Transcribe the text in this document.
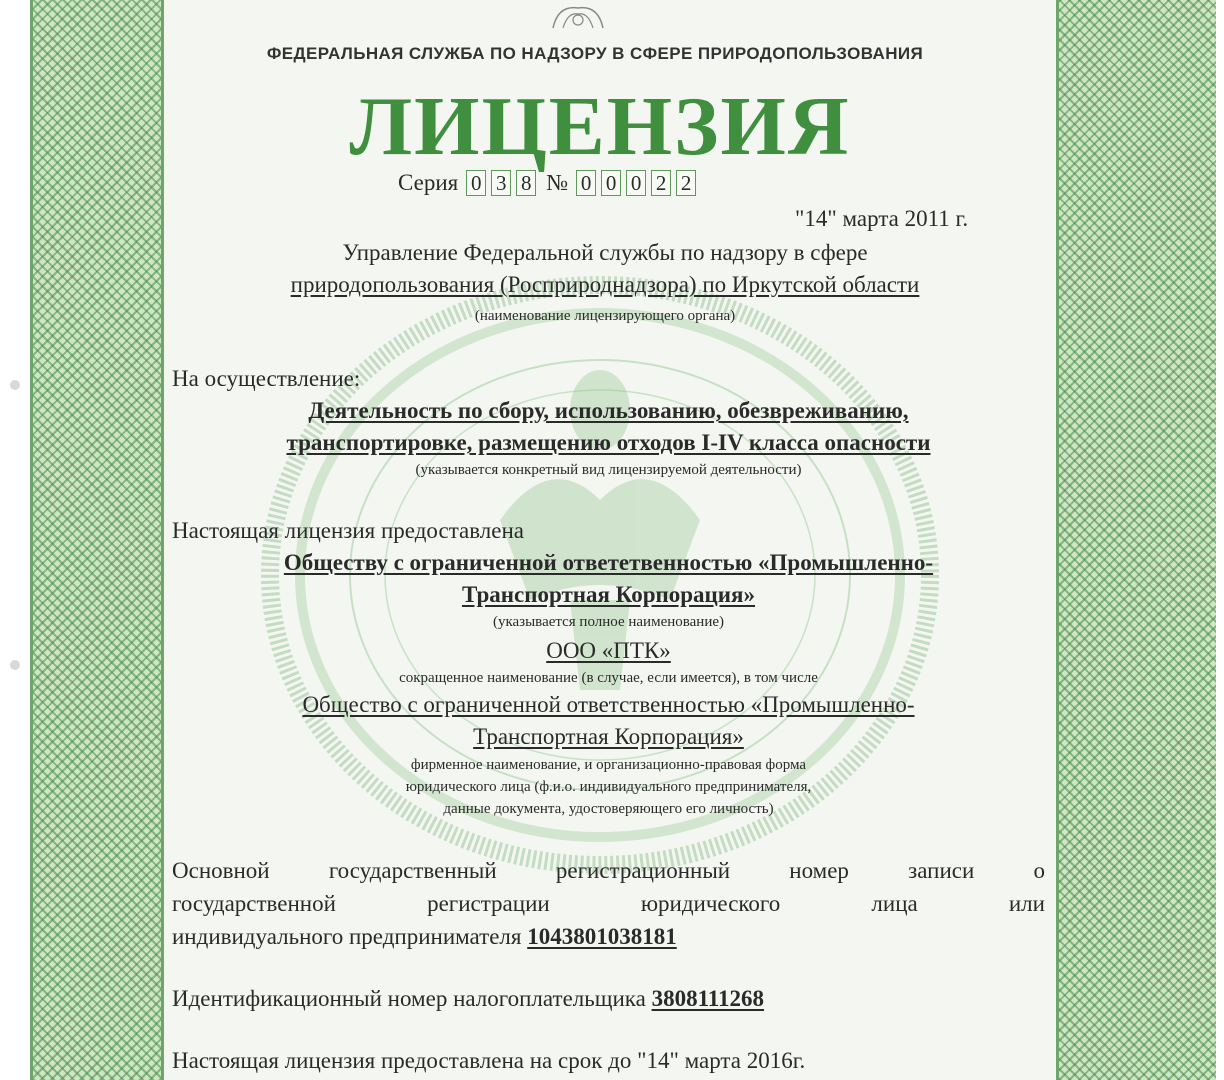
ФЕДЕРАЛЬНАЯ СЛУЖБА ПО НАДЗОРУ В СФЕРЕ ПРИРОДОПОЛЬЗОВАНИЯ
ЛИЦЕНЗИЯ
Серия 0 3 8 № 0 0 0 2 2
"14" марта 2011 г.
Управление Федеральной службы по надзору в сфере
природопользования (Росприроднадзора) по Иркутской области
(наименование лицензирующего органа)
На осуществление:
Деятельность по сбору, использованию, обезвреживанию,
транспортировке, размещению отходов I-IV класса опасности
(указывается конкретный вид лицензируемой деятельности)
Настоящая лицензия предоставлена
Обществу с ограниченной ответетвенностью «Промышленно-
Транспортная Корпорация»
(указывается полное наименование)
ООО «ПТК»
сокращенное наименование (в случае, если имеется), в том числе
Общество с ограниченной ответственностью «Промышленно-
Транспортная Корпорация»
фирменное наименование, и организационно-правовая форма
юридического лица (ф.и.о. индивидуального предпринимателя,
данные документа, удостоверяющего его личность)
Основной	государственный	регистрационный	номер	записи	о
государственной	регистрации	юридического	лица	или
индивидуального предпринимателя 1043801038181
Идентификационный номер налогоплательщика 3808111268
Настоящая лицензия предоставлена на срок до "14" марта 2016г.
